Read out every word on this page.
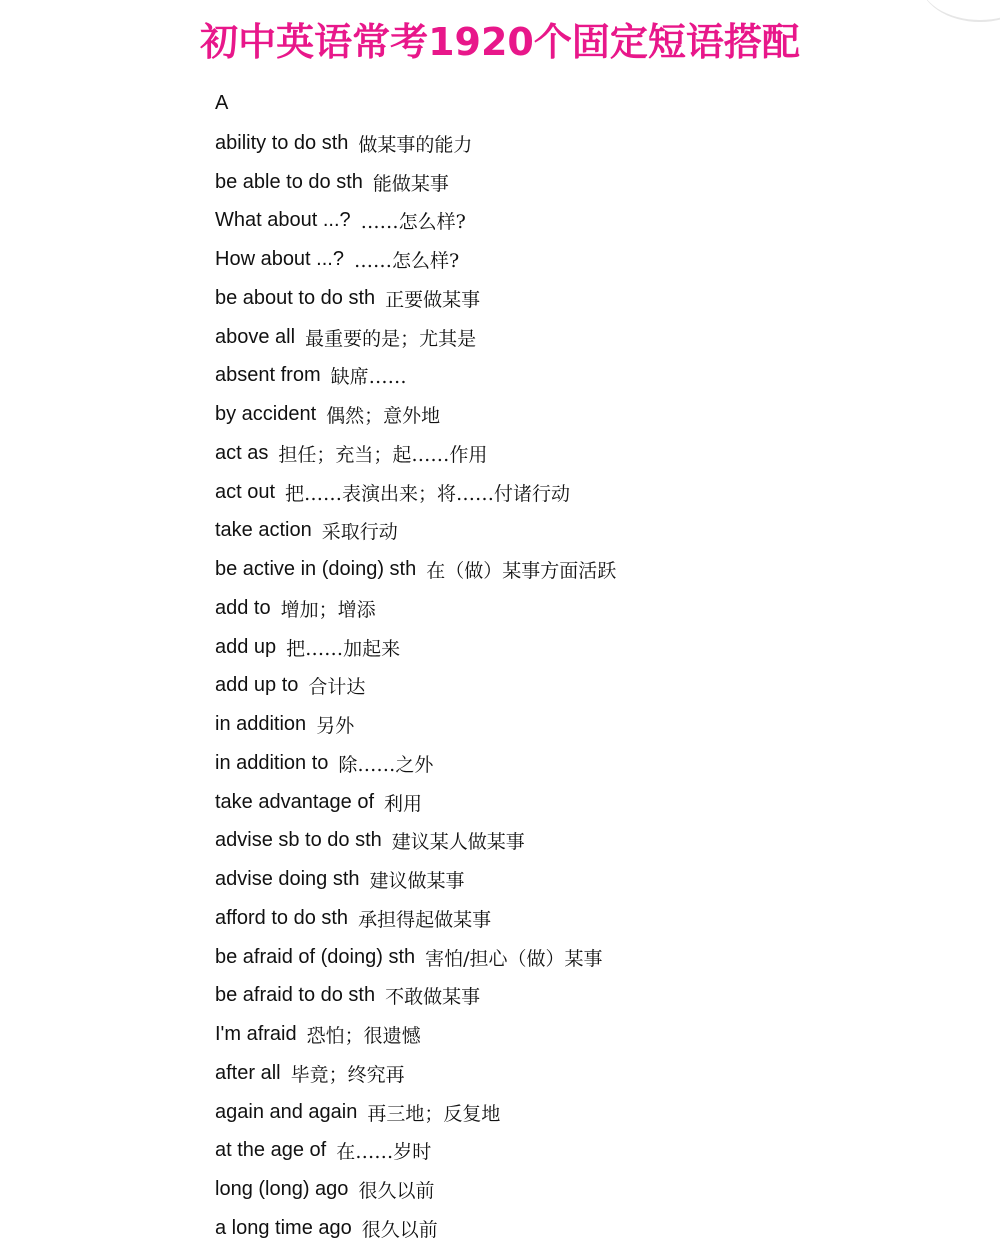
初中英语常考1920个固定短语搭配
A
ability to do sth 做某事的能力
be able to do sth 能做某事
What about ...? ……怎么样?
How about ...? ……怎么样?
be about to do sth 正要做某事
above all 最重要的是；尤其是
absent from 缺席……
by accident 偶然；意外地
act as 担任；充当；起……作用
act out 把……表演出来；将……付诸行动
take action 采取行动
be active in (doing) sth 在（做）某事方面活跃
add to 增加；增添
add up 把……加起来
add up to 合计达
in addition 另外
in addition to 除……之外
take advantage of 利用
advise sb to do sth 建议某人做某事
advise doing sth 建议做某事
afford to do sth 承担得起做某事
be afraid of (doing) sth 害怕/担心（做）某事
be afraid to do sth 不敢做某事
I'm afraid 恐怕；很遗憾
after all 毕竟；终究再
again and again 再三地；反复地
at the age of 在……岁时
long (long) ago 很久以前
a long time ago 很久以前
